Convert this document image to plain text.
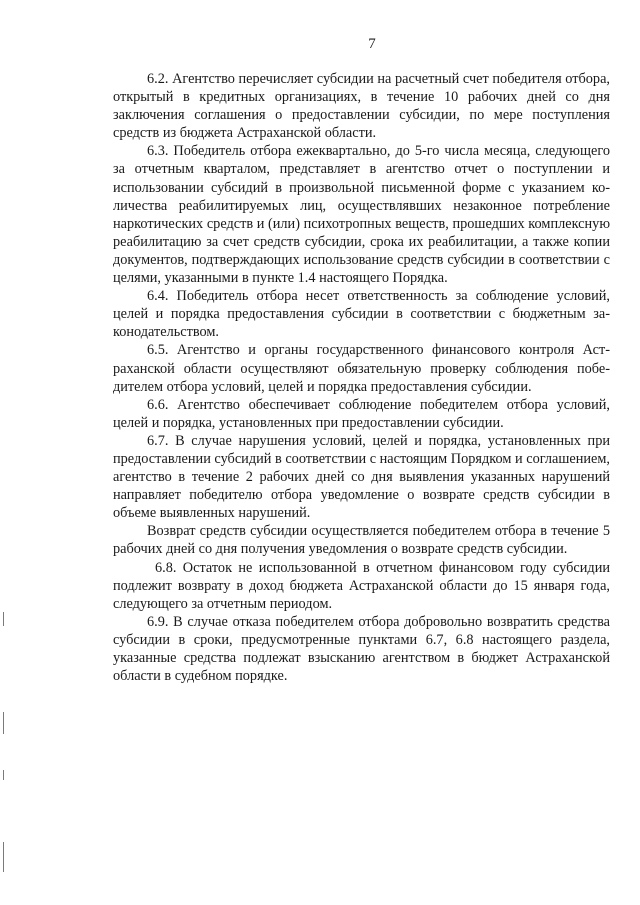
7

6.2. Агентство перечисляет субсидии на расчетный счет победителя отбора, открытый в кредитных организациях, в течение 10 рабочих дней со дня заключения соглашения о предоставлении субсидии, по мере поступления средств из бюджета Астраханской области.

6.3. Победитель отбора ежеквартально, до 5-го числа месяца, следующего за отчетным кварталом, представляет в агентство отчет о поступлении и использовании субсидий в произвольной письменной форме с указанием количества реабилитируемых лиц, осуществлявших незаконное потребление наркотических средств и (или) психотропных веществ, прошедших комплексную реабилитацию за счет средств субсидии, срока их реабилитации, а также копии документов, подтверждающих использование средств субсидии в соответствии с целями, указанными в пункте 1.4 настоящего Порядка.

6.4. Победитель отбора несет ответственность за соблюдение условий, целей и порядка предоставления субсидии в соответствии с бюджетным законодательством.

6.5. Агентство и органы государственного финансового контроля Астраханской области осуществляют обязательную проверку соблюдения победителем отбора условий, целей и порядка предоставления субсидии.

6.6. Агентство обеспечивает соблюдение победителем отбора условий, целей и порядка, установленных при предоставлении субсидии.

6.7. В случае нарушения условий, целей и порядка, установленных при предоставлении субсидий в соответствии с настоящим Порядком и соглашением, агентство в течение 2 рабочих дней со дня выявления указанных нарушений направляет победителю отбора уведомление о возврате средств субсидии в объеме выявленных нарушений.

Возврат средств субсидии осуществляется победителем отбора в течение 5 рабочих дней со дня получения уведомления о возврате средств субсидии.

6.8. Остаток не использованной в отчетном финансовом году субсидии подлежит возврату в доход бюджета Астраханской области до 15 января года, следующего за отчетным периодом.

6.9. В случае отказа победителем отбора добровольно возвратить средства субсидии в сроки, предусмотренные пунктами 6.7, 6.8 настоящего раздела, указанные средства подлежат взысканию агентством в бюджет Астраханской области в судебном порядке.
